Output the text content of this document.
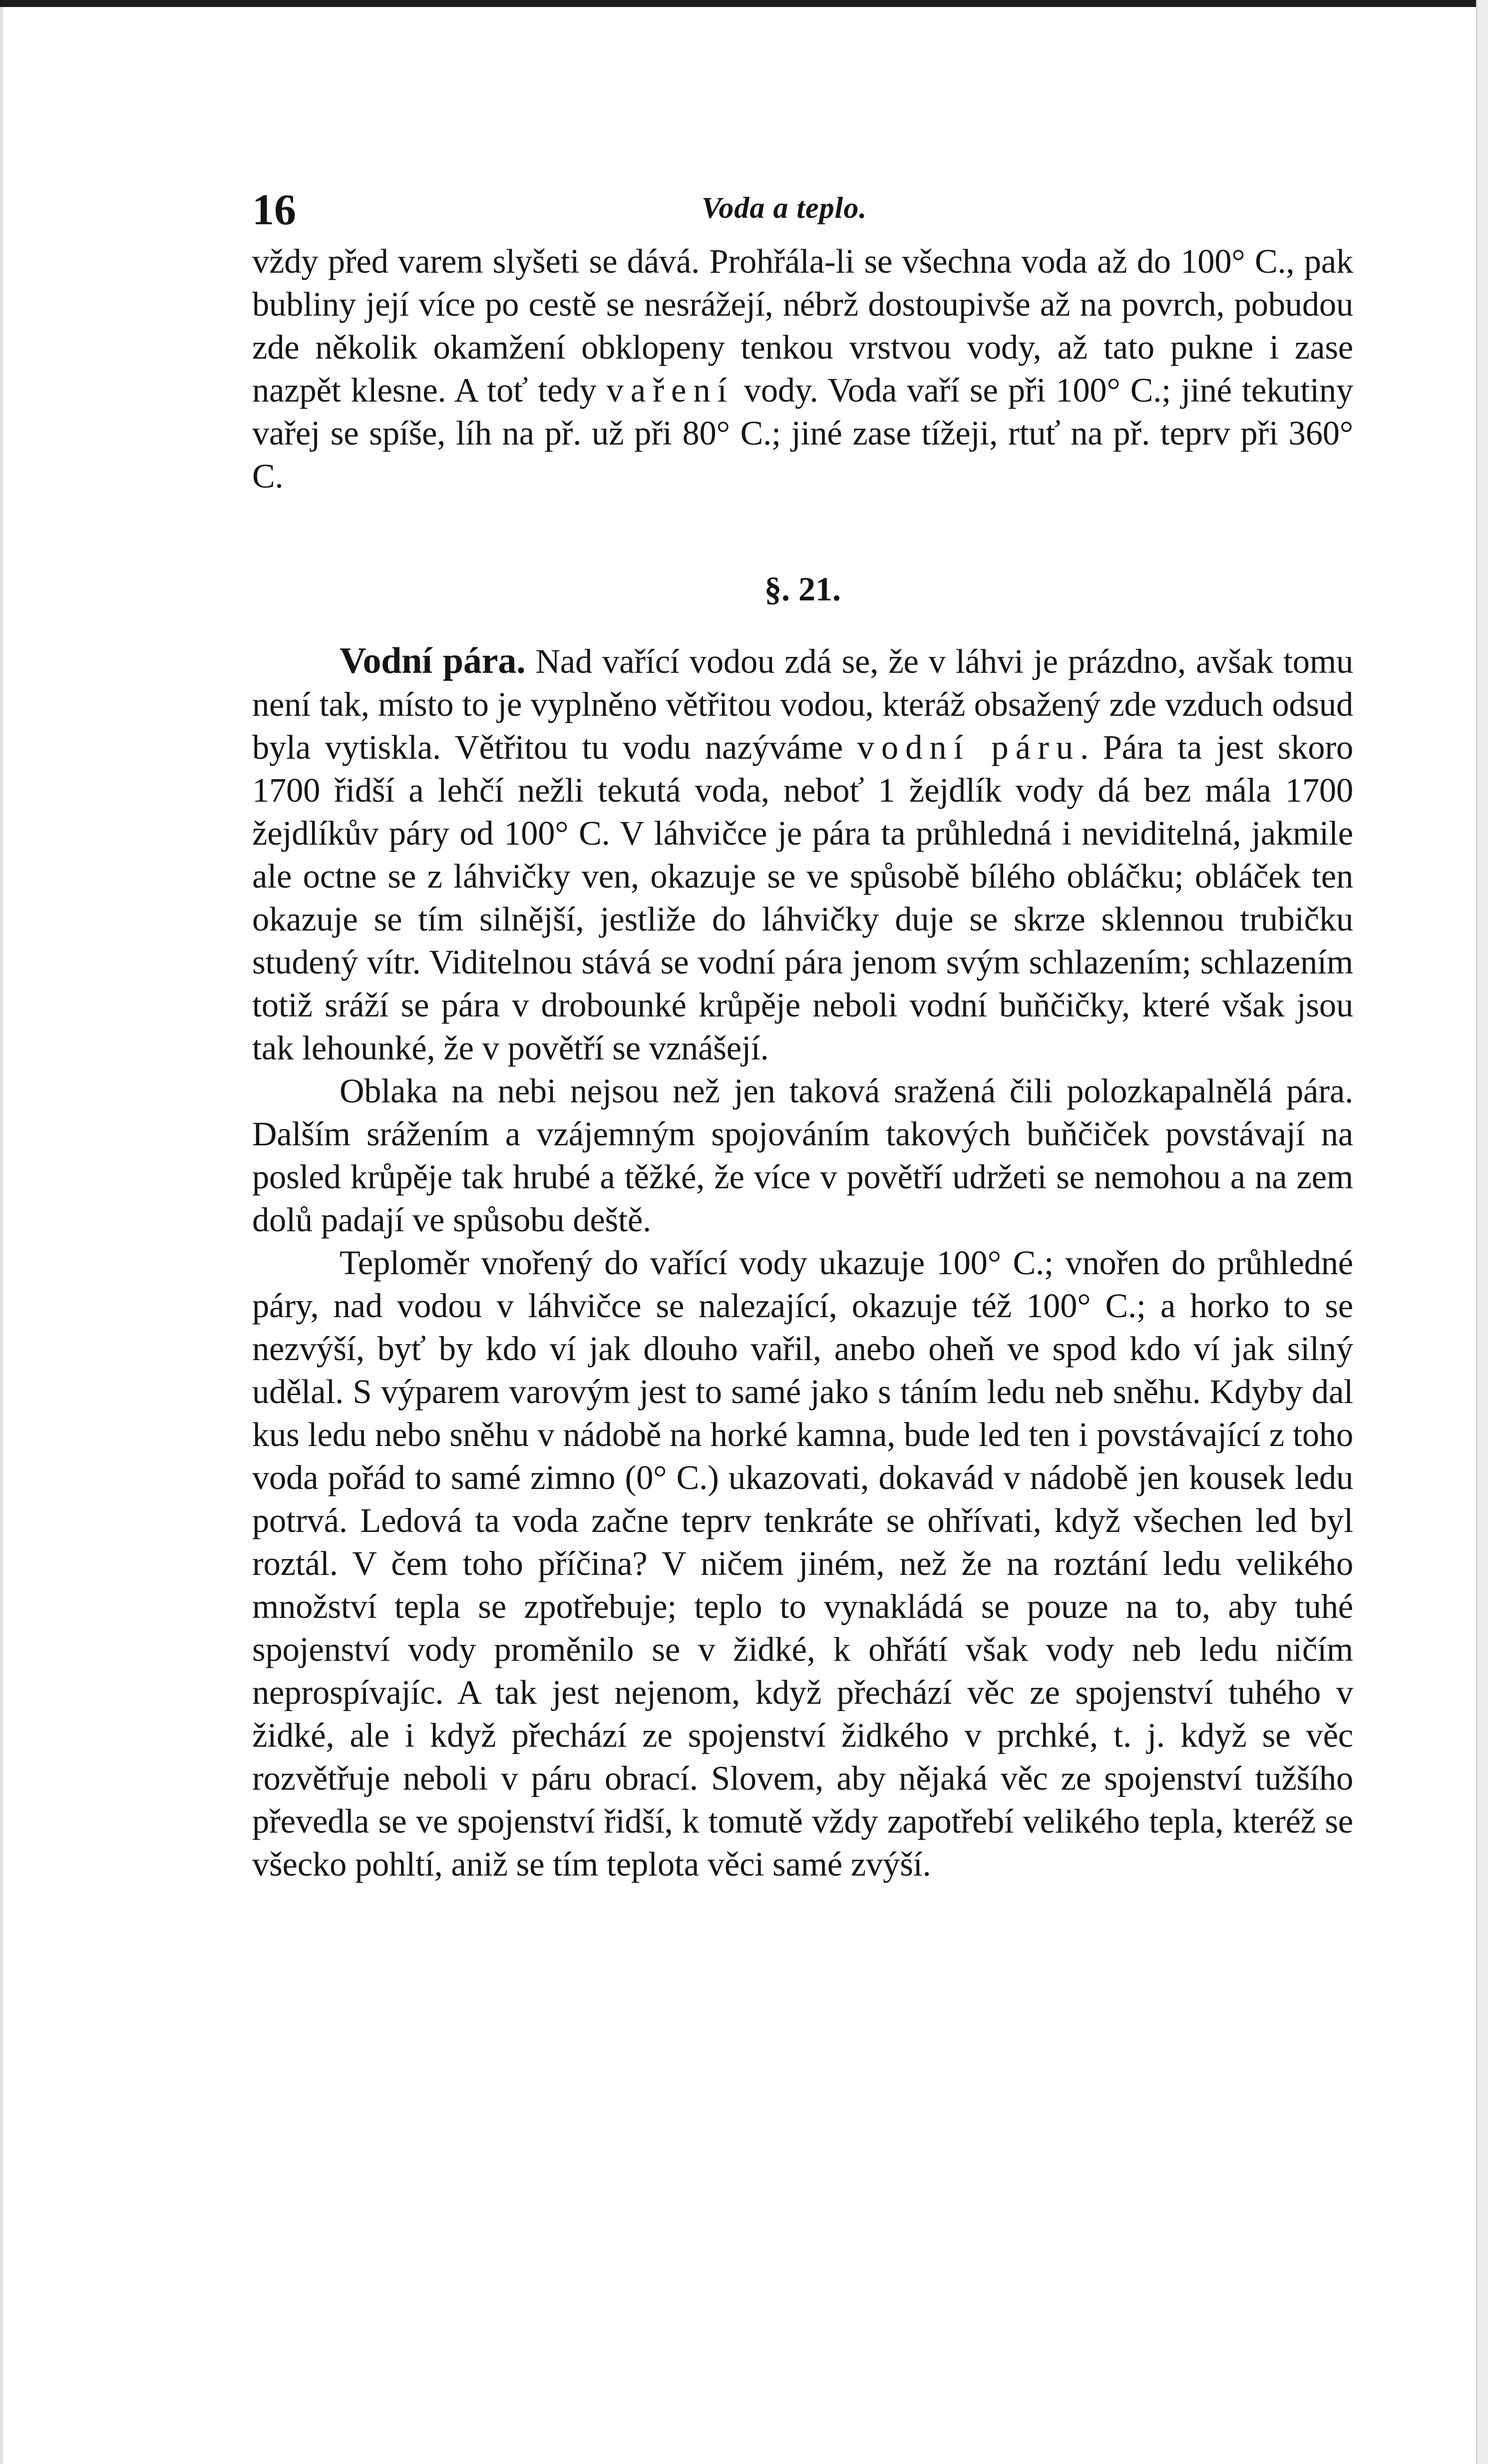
16	Voda a teplo.

vždy před varem slyšeti se dává. Prohřála-li se všechna voda až do 100° C., pak bubliny její více po cestě se nesrážejí, nébrž dostoupivše až na povrch, pobudou zde několik okamžení obklopeny tenkou vrstvou vody, až tato pukne i zase nazpět klesne. A toť tedy vaření vody. Voda vaří se při 100° C.; jiné tekutiny vařej se spíše, líh na př. už při 80° C.; jiné zase tížeji, rtuť na př. teprv při 360° C.

§. 21.

Vodní pára. Nad vařící vodou zdá se, že v láhvi je prázdno, avšak tomu není tak, místo to je vyplněno větřitou vodou, kteráž obsažený zde vzduch odsud byla vytiskla. Větřitou tu vodu nazýváme vodní páru. Pára ta jest skoro 1700 řidší a lehčí nežli tekutá voda, neboť 1 žejdlík vody dá bez mála 1700 žejdlíkův páry od 100° C. V láhvičce je pára ta průhledná i neviditelná, jakmile ale octne se z láhvičky ven, okazuje se ve spůsobě bílého obláčku; obláček ten okazuje se tím silnější, jestliže do láhvičky duje se skrze sklennou trubičku studený vítr. Viditelnou stává se vodní pára jenom svým schlazením; schlazením totiž sráží se pára v drobounké krůpěje neboli vodní buňčičky, které však jsou tak lehounké, že v povětří se vznášejí.

Oblaka na nebi nejsou než jen taková sražená čili polozkapalnělá pára. Dalším srážením a vzájemným spojováním takových buňčiček povstávají na posled krůpěje tak hrubé a těžké, že více v povětří udržeti se nemohou a na zem dolů padají ve spůsobu deště.

Teploměr vnořený do vařící vody ukazuje 100° C.; vnořen do průhledné páry, nad vodou v láhvičce se nalezající, okazuje též 100° C.; a horko to se nezvýší, byť by kdo ví jak dlouho vařil, anebo oheň ve spod kdo ví jak silný udělal. S výparem varovým jest to samé jako s táním ledu neb sněhu. Kdyby dal kus ledu nebo sněhu v nádobě na horké kamna, bude led ten i povstávající z toho voda pořád to samé zimno (0° C.) ukazovati, dokavád v nádobě jen kousek ledu potrvá. Ledová ta voda začne teprv tenkráte se ohřívati, když všechen led byl roztál. V čem toho příčina? V ničem jiném, než že na roztání ledu velikého množství tepla se zpotřebuje; teplo to vynakládá se pouze na to, aby tuhé spojenství vody proměnilo se v židké, k ohřátí však vody neb ledu ničím neprospívajíc. A tak jest nejenom, když přechází věc ze spojenství tuhého v židké, ale i když přechází ze spojenství židkého v prchké, t. j. když se věc rozvětřuje neboli v páru obrací. Slovem, aby nějaká věc ze spojenství tužšího převedla se ve spojenství řidší, k tomutě vždy zapotřebí velikého tepla, kteréž se všecko pohltí, aniž se tím teplota věci samé zvýší.
